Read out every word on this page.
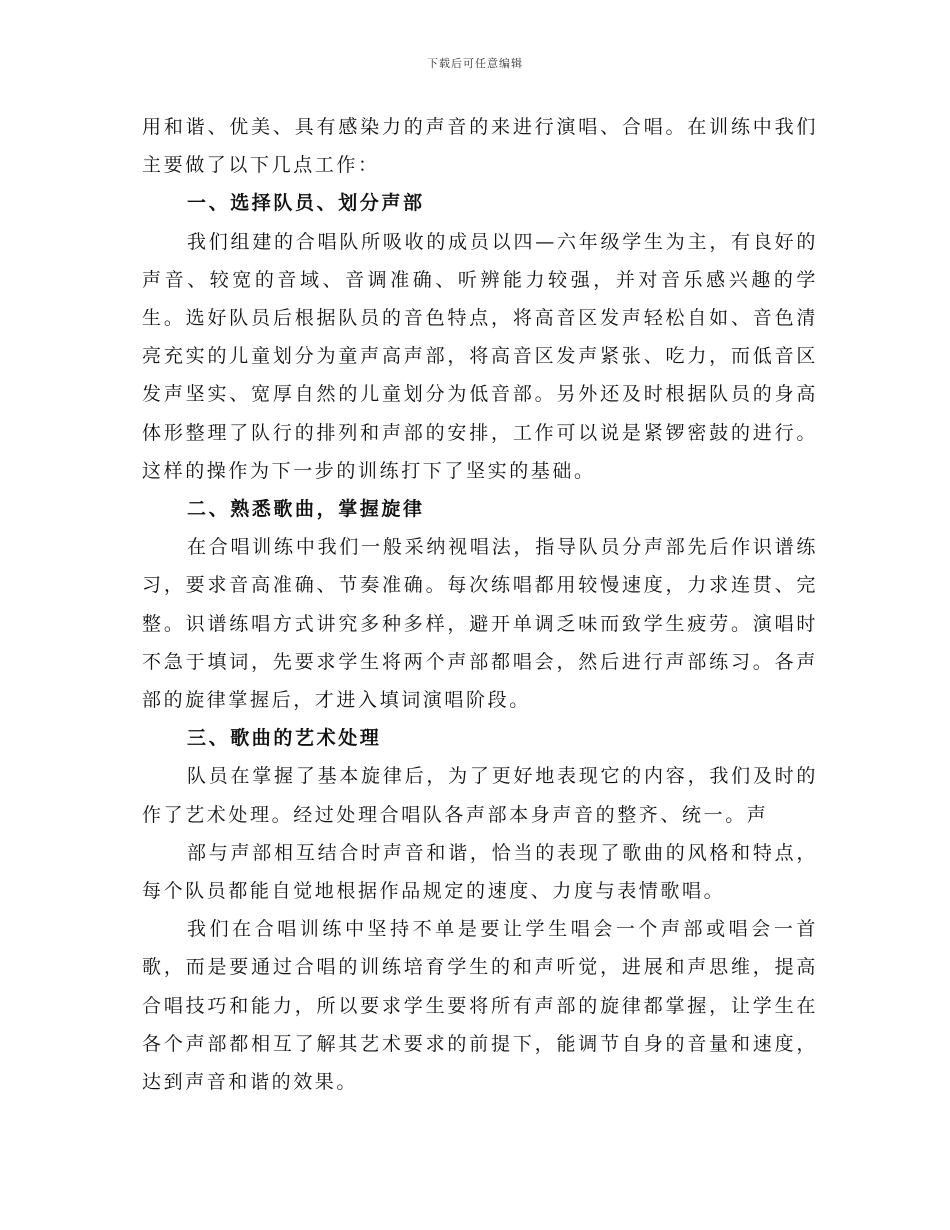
下载后可任意编辑

用和谐、优美、具有感染力的声音的来进行演唱、合唱。在训练中我们主要做了以下几点工作：

一、选择队员、划分声部

我们组建的合唱队所吸收的成员以四—六年级学生为主，有良好的声音、较宽的音域、音调准确、听辨能力较强，并对音乐感兴趣的学生。选好队员后根据队员的音色特点，将高音区发声轻松自如、音色清亮充实的儿童划分为童声高声部，将高音区发声紧张、吃力，而低音区发声坚实、宽厚自然的儿童划分为低音部。另外还及时根据队员的身高体形整理了队行的排列和声部的安排，工作可以说是紧锣密鼓的进行。这样的操作为下一步的训练打下了坚实的基础。

二、熟悉歌曲，掌握旋律

在合唱训练中我们一般采纳视唱法，指导队员分声部先后作识谱练习，要求音高准确、节奏准确。每次练唱都用较慢速度，力求连贯、完整。识谱练唱方式讲究多种多样，避开单调乏味而致学生疲劳。演唱时不急于填词，先要求学生将两个声部都唱会，然后进行声部练习。各声部的旋律掌握后，才进入填词演唱阶段。

三、歌曲的艺术处理

队员在掌握了基本旋律后，为了更好地表现它的内容，我们及时的作了艺术处理。经过处理合唱队各声部本身声音的整齐、统一。声

部与声部相互结合时声音和谐，恰当的表现了歌曲的风格和特点，每个队员都能自觉地根据作品规定的速度、力度与表情歌唱。

我们在合唱训练中坚持不单是要让学生唱会一个声部或唱会一首歌，而是要通过合唱的训练培育学生的和声听觉，进展和声思维，提高合唱技巧和能力，所以要求学生要将所有声部的旋律都掌握，让学生在各个声部都相互了解其艺术要求的前提下，能调节自身的音量和速度，达到声音和谐的效果。
